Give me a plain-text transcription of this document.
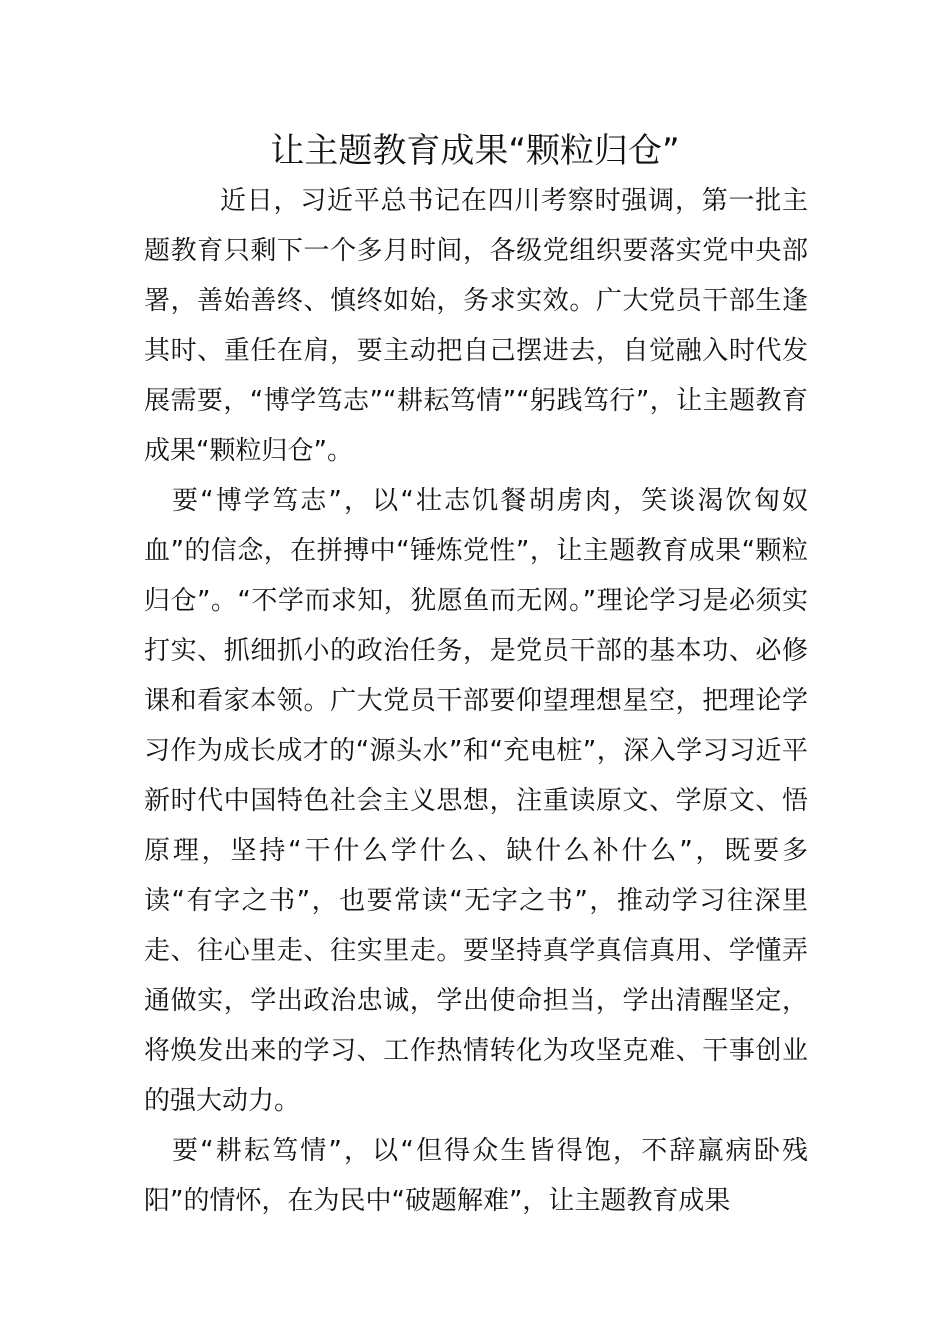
让主题教育成果“颗粒归仓”

近日，习近平总书记在四川考察时强调，第一批主题教育只剩下一个多月时间，各级党组织要落实党中央部署，善始善终、慎终如始，务求实效。广大党员干部生逢其时、重任在肩，要主动把自己摆进去，自觉融入时代发展需要，“博学笃志”“耕耘笃情”“躬践笃行”，让主题教育成果“颗粒归仓”。

要“博学笃志”，以“壮志饥餐胡虏肉，笑谈渴饮匈奴血”的信念，在拼搏中“锤炼党性”，让主题教育成果“颗粒归仓”。“不学而求知，犹愿鱼而无网。”理论学习是必须实打实、抓细抓小的政治任务，是党员干部的基本功、必修课和看家本领。广大党员干部要仰望理想星空，把理论学习作为成长成才的“源头水”和“充电桩”，深入学习习近平新时代中国特色社会主义思想，注重读原文、学原文、悟原理，坚持“干什么学什么、缺什么补什么”，既要多读“有字之书”，也要常读“无字之书”，推动学习往深里走、往心里走、往实里走。要坚持真学真信真用、学懂弄通做实，学出政治忠诚，学出使命担当，学出清醒坚定，将焕发出来的学习、工作热情转化为攻坚克难、干事创业的强大动力。

要“耕耘笃情”，以“但得众生皆得饱，不辞羸病卧残阳”的情怀，在为民中“破题解难”，让主题教育成果
